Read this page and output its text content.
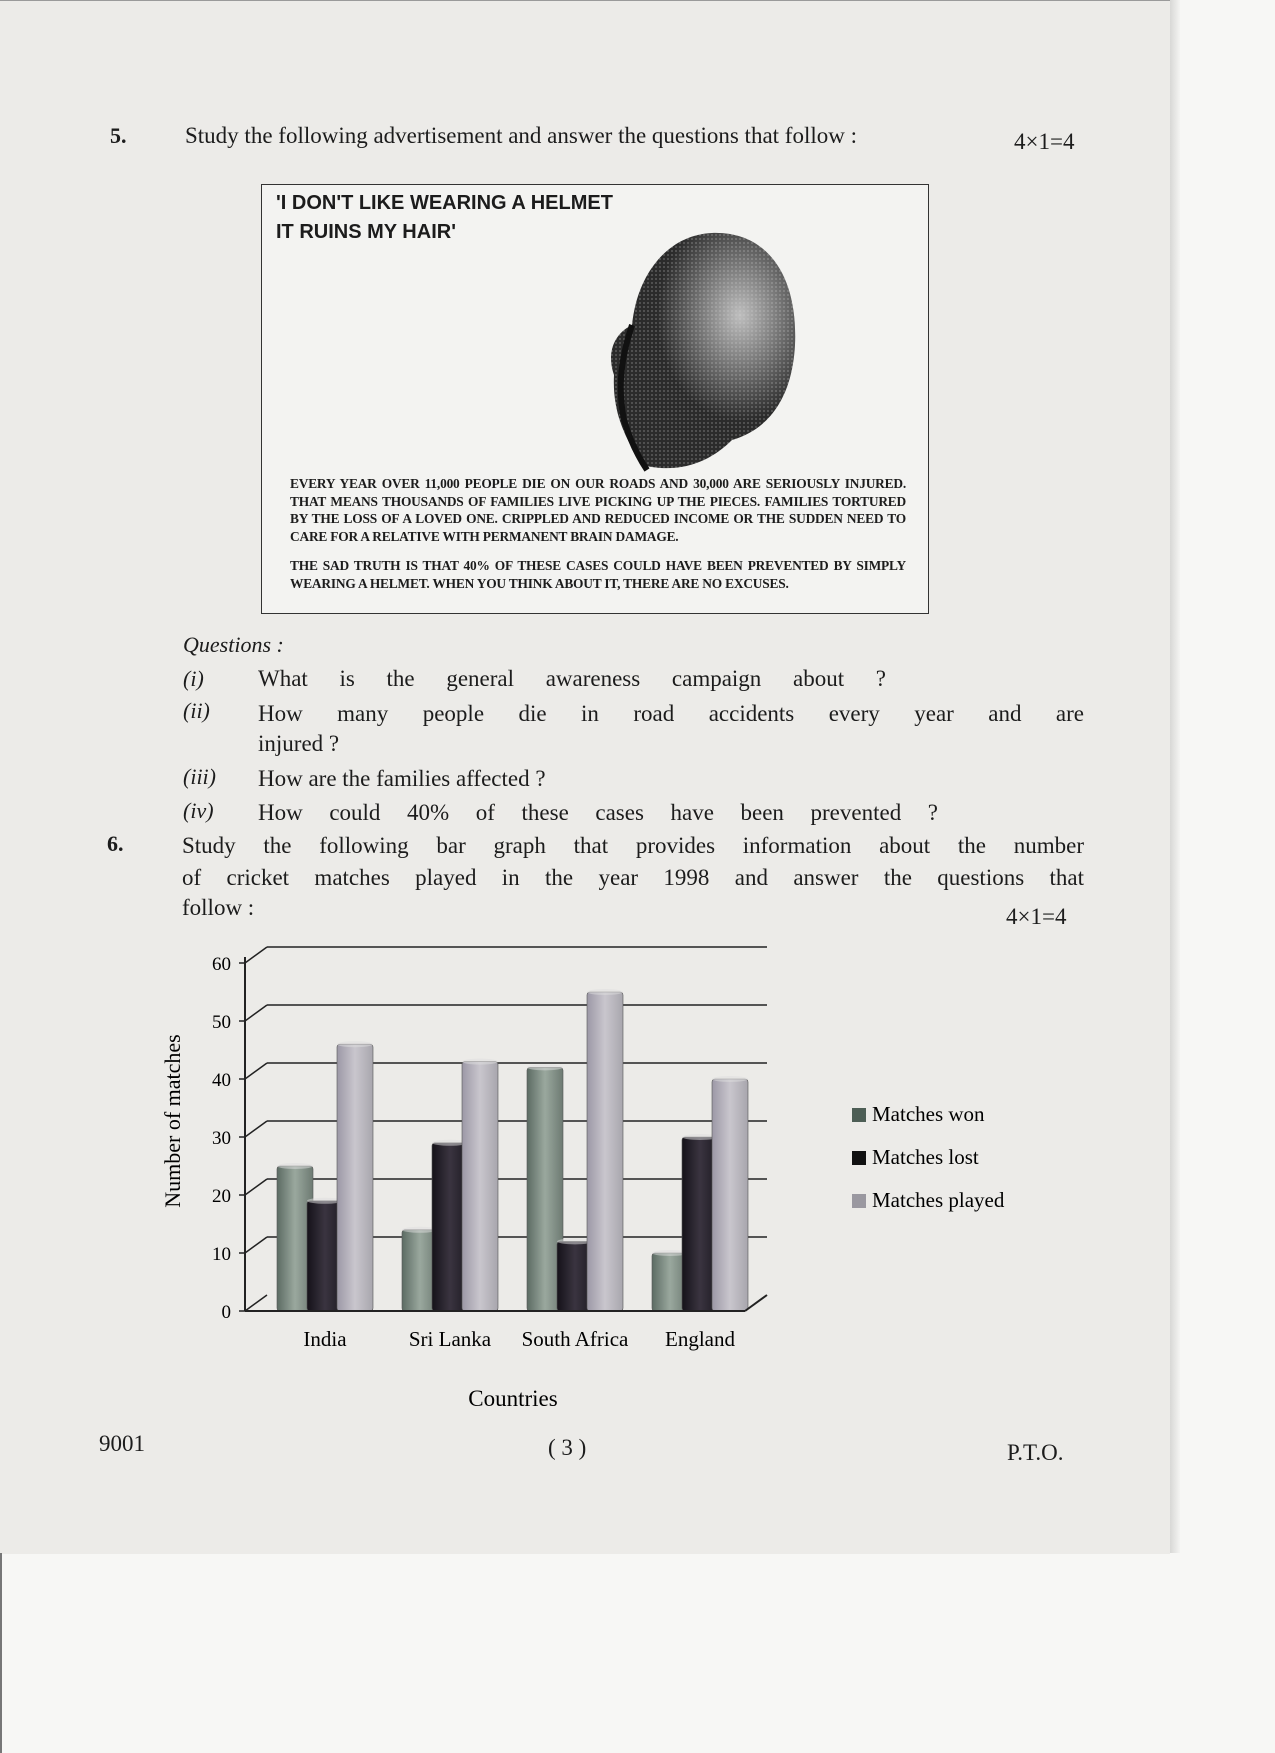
5.	Study the following advertisement and answer the questions that follow :	4×1=4
'I DON'T LIKE WEARING A HELMET
IT RUINS MY HAIR'

EVERY YEAR OVER 11,000 PEOPLE DIE ON OUR ROADS AND 30,000 ARE SERIOUSLY INJURED. THAT MEANS THOUSANDS OF FAMILIES LIVE PICKING UP THE PIECES. FAMILIES TORTURED BY THE LOSS OF A LOVED ONE. CRIPPLED AND REDUCED INCOME OR THE SUDDEN NEED TO CARE FOR A RELATIVE WITH PERMANENT BRAIN DAMAGE.

THE SAD TRUTH IS THAT 40% OF THESE CASES COULD HAVE BEEN PREVENTED BY SIMPLY WEARING A HELMET. WHEN YOU THINK ABOUT IT, THERE ARE NO EXCUSES.

Questions :
(i) What is the general awareness campaign about ?
(ii) How many people die in road accidents every year and are
injured ?
(iii) How are the families affected ?
(iv) How could 40% of these cases have been prevented ?
6.	Study the following bar graph that provides information about the number
of cricket matches played in the year 1998 and answer the questions that
follow :	4×1=4
0
10
20
30
40
50
60
India	Sri Lanka South Africa England
Number of matches
Countries
Matches won
Matches lost
Matches played
9001	( 3 )	P.T.O.
